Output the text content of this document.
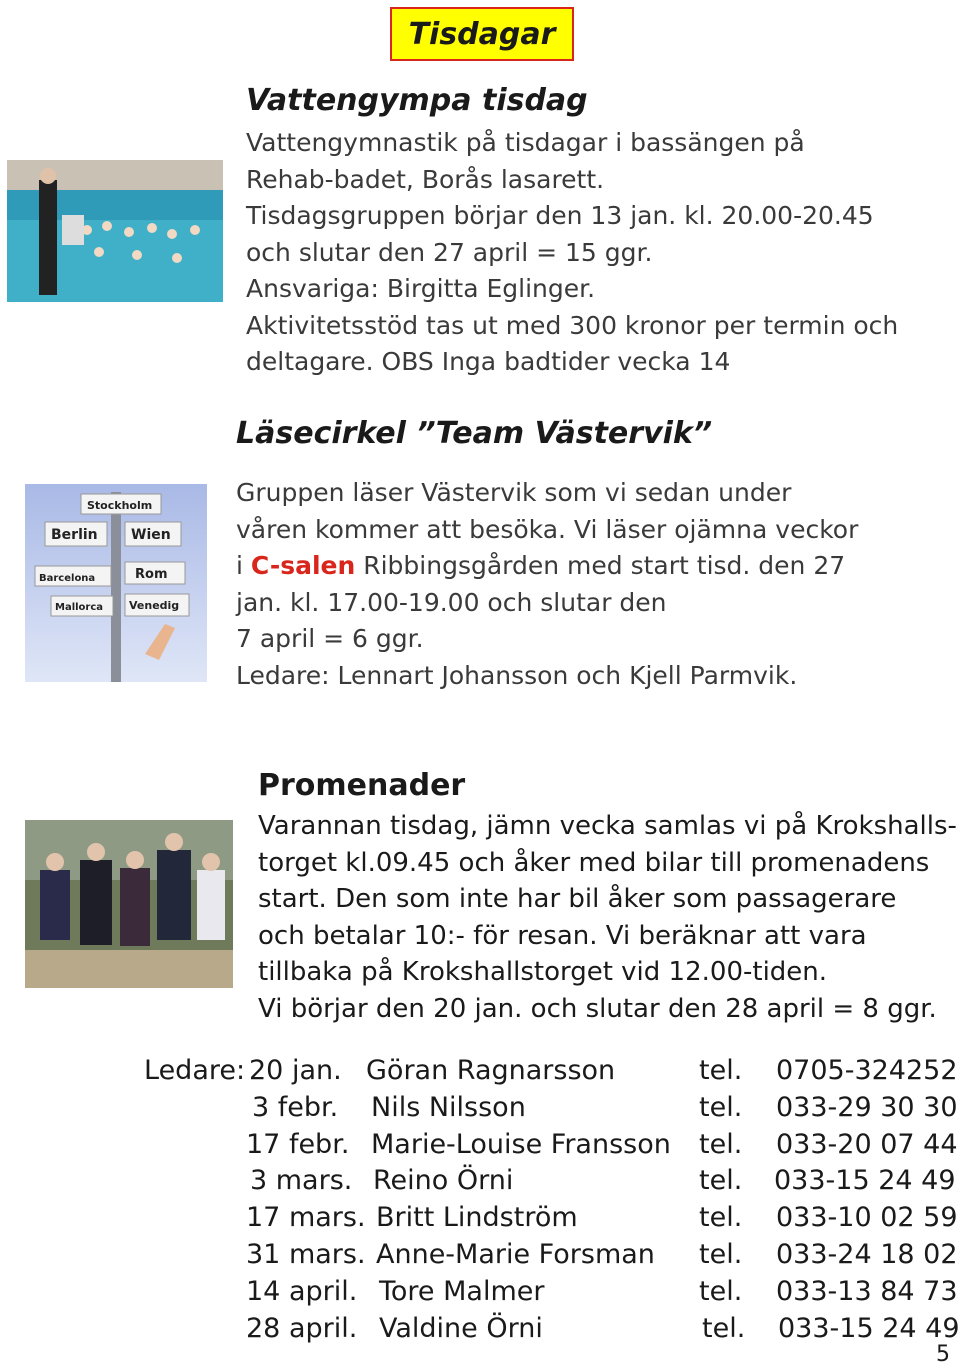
Tisdagar
Vattengympa tisdag
Vattengymnastik på tisdagar i bassängen på
Rehab-badet, Borås lasarett.
Tisdagsgruppen börjar den 13 jan. kl. 20.00-20.45
och slutar den 27 april = 15 ggr.
Ansvariga: Birgitta Eglinger.
Aktivitetsstöd tas ut med 300 kronor per termin och
deltagare. OBS Inga badtider vecka 14
Läsecirkel ”Team Västervik”
Stockholm
Berlin Wien
Barcelona	Rom
Mallorca Venedig
Gruppen läser Västervik som vi sedan under
våren kommer att besöka. Vi läser ojämna veckor
i C-salen Ribbingsgården med start tisd. den 27
jan. kl. 17.00-19.00 och slutar den
7 april = 6 ggr.
Ledare: Lennart Johansson och Kjell Parmvik.
Promenader
Varannan tisdag, jämn vecka samlas vi på Krokshalls-
torget kl.09.45 och åker med bilar till promenadens
start. Den som inte har bil åker som passagerare
och betalar 10:- för resan. Vi beräknar att vara
tillbaka på Krokshallstorget vid 12.00-tiden.
Vi börjar den 20 jan. och slutar den 28 april = 8 ggr.
Ledare: 20 jan. Göran Ragnarsson	tel. 0705-324252
3 febr. Nils Nilsson	tel. 033-29 30 30
17 febr. Marie-Louise Fransson tel. 033-20 07 44
3 mars. Reino Örni	tel. 033-15 24 49
17 mars. Britt Lindström	tel. 033-10 02 59
31 mars. Anne-Marie Forsman tel. 033-24 18 02
14 april. Tore Malmer	tel. 033-13 84 73
28 april. Valdine Örni	tel. 033-15 24 49
5
